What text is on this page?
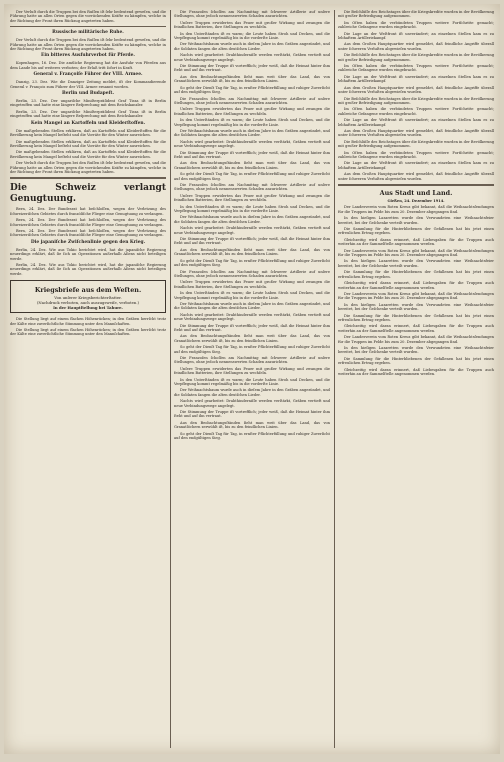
Der Verluſt durch die Truppen bei den Ruſſen iſt ſehr bedeutend geweſen, und die Führung hatte an allen Orten gegen die vorrückenden Kräfte zu kämpfen, welche in der Richtung der Front ihren Rückzug angetreten haben.

Russische militärische Ruhe.

Der Verluſt durch die Truppen bei den Ruſſen iſt ſehr bedeutend geweſen, und die Führung hatte an allen Orten gegen die vorrückenden Kräfte zu kämpfen, welche in der Richtung der Front ihren Rückzug angetreten haben.

Ein bitteres Ausfuhrverbot für Pferde.

Kopenhagen, 16. Dez. Die amtliche Regierung hat die Ausfuhr von Pferden aus dem Lande bis auf weiteres verboten; der Erlaß tritt ſofort in Kraft.

General v. Françoiſe Führer der VIII. Armee.

Danzig, 23. Dez. Wie die Danziger Zeitung meldet, iſt der Kommandierende General v. François zum Führer der VIII. Armee ernannt worden.

Berlin und Budapeſt.

Berlin, 23. Dez. Der ungariſche Miniſterpräſident Graf Tisza iſt in Berlin eingetroffen und hatte eine längere Beſprechung mit dem Reichskanzler.

Berlin, 23. Dez. Der ungariſche Miniſterpräſident Graf Tisza iſt in Berlin eingetroffen und hatte eine längere Beſprechung mit dem Reichskanzler.

Kein Mangel an Kartoffeln und Kleiderſtoffen.

Die maßgebenden Stellen erklären, daß an Kartoffeln und Kleiderſtoffen für die Bevölkerung kein Mangel beſteht und die Vorräte für den Winter ausreichen.

Die maßgebenden Stellen erklären, daß an Kartoffeln und Kleiderſtoffen für die Bevölkerung kein Mangel beſteht und die Vorräte für den Winter ausreichen.

Die maßgebenden Stellen erklären, daß an Kartoffeln und Kleiderſtoffen für die Bevölkerung kein Mangel beſteht und die Vorräte für den Winter ausreichen.

Der Verluſt durch die Truppen bei den Ruſſen iſt ſehr bedeutend geweſen, und die Führung hatte an allen Orten gegen die vorrückenden Kräfte zu kämpfen, welche in der Richtung der Front ihren Rückzug angetreten haben.

Die Schweiz verlangt Genugtuung.

Bern, 24. Dez. Der Bundesrat hat beſchloſſen, wegen der Verletzung des ſchweizeriſchen Gebietes durch franzöſiſche Flieger eine Genugtuung zu verlangen.

Bern, 24. Dez. Der Bundesrat hat beſchloſſen, wegen der Verletzung des ſchweizeriſchen Gebietes durch franzöſiſche Flieger eine Genugtuung zu verlangen.

Bern, 24. Dez. Der Bundesrat hat beſchloſſen, wegen der Verletzung des ſchweizeriſchen Gebietes durch franzöſiſche Flieger eine Genugtuung zu verlangen.

Die japaniſche Zwiſchenlinie gegen den Krieg.

Berlin, 24. Dez. Wie aus Tokio berichtet wird, hat die japaniſche Regierung neuerdings erklärt, daß ſie ſich an Operationen außerhalb Aſiens nicht beteiligen werde.

Berlin, 24. Dez. Wie aus Tokio berichtet wird, hat die japaniſche Regierung neuerdings erklärt, daß ſie ſich an Operationen außerhalb Aſiens nicht beteiligen werde.

Kriegsbriefe aus dem Weſten.
Von unſerer Kriegsberichterſtatter.
(Nachdruck verboten, auch auszugsweiſe, verboten.)
In der Hauptſtellung bei Tahure.

Die Stellung liegt auf einem flachen Höhenrücken; in den Gräben herrſcht trotz der Kälte eine zuverſichtliche Stimmung unter den Mannſchaften.

Die Stellung liegt auf einem flachen Höhenrücken; in den Gräben herrſcht trotz der Kälte eine zuverſichtliche Stimmung unter den Mannſchaften.

Die Franzoſen ſchoſſen am Nachmittag mit ſchwerer Artillerie auf unſere Stellungen, ohne jedoch nennenswerten Schaden anzurichten.

Unſere Truppen erwiderten das Feuer mit großer Wirkung und zwangen die feindlichen Batterien, ihre Stellungen zu wechſeln.

In den Unterſtänden iſt es warm; die Leute haben Stroh und Decken, und die Verpflegung kommt regelmäßig bis in die vorderſte Linie.

Der Weihnachtsbaum wurde auch in dieſem Jahre in den Gräben angezündet, und die Soldaten ſangen die alten deutſchen Lieder.

Nachts wird gearbeitet: Drahthinderniſſe werden verſtärkt, Gräben vertieft und neue Verbindungswege angelegt.

Die Stimmung der Truppe iſt vortrefflich; jeder weiß, daß die Heimat hinter ihm ſteht und auf ihn vertraut.

Aus den Beobachtungsſtänden ſieht man weit über das Land, das von Granatlöchern zerwühlt iſt, bis zu den feindlichen Linien.

So geht der Dienſt Tag für Tag, in ernſter Pflichterfüllung und ruhiger Zuverſicht auf den endgültigen Sieg.

Die Franzoſen ſchoſſen am Nachmittag mit ſchwerer Artillerie auf unſere Stellungen, ohne jedoch nennenswerten Schaden anzurichten.

Unſere Truppen erwiderten das Feuer mit großer Wirkung und zwangen die feindlichen Batterien, ihre Stellungen zu wechſeln.

In den Unterſtänden iſt es warm; die Leute haben Stroh und Decken, und die Verpflegung kommt regelmäßig bis in die vorderſte Linie.

Der Weihnachtsbaum wurde auch in dieſem Jahre in den Gräben angezündet, und die Soldaten ſangen die alten deutſchen Lieder.

Nachts wird gearbeitet: Drahthinderniſſe werden verſtärkt, Gräben vertieft und neue Verbindungswege angelegt.

Die Stimmung der Truppe iſt vortrefflich; jeder weiß, daß die Heimat hinter ihm ſteht und auf ihn vertraut.

Aus den Beobachtungsſtänden ſieht man weit über das Land, das von Granatlöchern zerwühlt iſt, bis zu den feindlichen Linien.

So geht der Dienſt Tag für Tag, in ernſter Pflichterfüllung und ruhiger Zuverſicht auf den endgültigen Sieg.

Die Franzoſen ſchoſſen am Nachmittag mit ſchwerer Artillerie auf unſere Stellungen, ohne jedoch nennenswerten Schaden anzurichten.

Unſere Truppen erwiderten das Feuer mit großer Wirkung und zwangen die feindlichen Batterien, ihre Stellungen zu wechſeln.

In den Unterſtänden iſt es warm; die Leute haben Stroh und Decken, und die Verpflegung kommt regelmäßig bis in die vorderſte Linie.

Der Weihnachtsbaum wurde auch in dieſem Jahre in den Gräben angezündet, und die Soldaten ſangen die alten deutſchen Lieder.

Nachts wird gearbeitet: Drahthinderniſſe werden verſtärkt, Gräben vertieft und neue Verbindungswege angelegt.

Die Stimmung der Truppe iſt vortrefflich; jeder weiß, daß die Heimat hinter ihm ſteht und auf ihn vertraut.

Aus den Beobachtungsſtänden ſieht man weit über das Land, das von Granatlöchern zerwühlt iſt, bis zu den feindlichen Linien.

So geht der Dienſt Tag für Tag, in ernſter Pflichterfüllung und ruhiger Zuverſicht auf den endgültigen Sieg.

Die Franzoſen ſchoſſen am Nachmittag mit ſchwerer Artillerie auf unſere Stellungen, ohne jedoch nennenswerten Schaden anzurichten.

Unſere Truppen erwiderten das Feuer mit großer Wirkung und zwangen die feindlichen Batterien, ihre Stellungen zu wechſeln.

In den Unterſtänden iſt es warm; die Leute haben Stroh und Decken, und die Verpflegung kommt regelmäßig bis in die vorderſte Linie.

Der Weihnachtsbaum wurde auch in dieſem Jahre in den Gräben angezündet, und die Soldaten ſangen die alten deutſchen Lieder.

Nachts wird gearbeitet: Drahthinderniſſe werden verſtärkt, Gräben vertieft und neue Verbindungswege angelegt.

Die Stimmung der Truppe iſt vortrefflich; jeder weiß, daß die Heimat hinter ihm ſteht und auf ihn vertraut.

Aus den Beobachtungsſtänden ſieht man weit über das Land, das von Granatlöchern zerwühlt iſt, bis zu den feindlichen Linien.

So geht der Dienſt Tag für Tag, in ernſter Pflichterfüllung und ruhiger Zuverſicht auf den endgültigen Sieg.

Die Franzoſen ſchoſſen am Nachmittag mit ſchwerer Artillerie auf unſere Stellungen, ohne jedoch nennenswerten Schaden anzurichten.

Unſere Truppen erwiderten das Feuer mit großer Wirkung und zwangen die feindlichen Batterien, ihre Stellungen zu wechſeln.

In den Unterſtänden iſt es warm; die Leute haben Stroh und Decken, und die Verpflegung kommt regelmäßig bis in die vorderſte Linie.

Der Weihnachtsbaum wurde auch in dieſem Jahre in den Gräben angezündet, und die Soldaten ſangen die alten deutſchen Lieder.

Nachts wird gearbeitet: Drahthinderniſſe werden verſtärkt, Gräben vertieft und neue Verbindungswege angelegt.

Die Stimmung der Truppe iſt vortrefflich; jeder weiß, daß die Heimat hinter ihm ſteht und auf ihn vertraut.

Aus den Beobachtungsſtänden ſieht man weit über das Land, das von Granatlöchern zerwühlt iſt, bis zu den feindlichen Linien.

So geht der Dienſt Tag für Tag, in ernſter Pflichterfüllung und ruhiger Zuverſicht auf den endgültigen Sieg.

Die Beſchlüſſe des Reichstages über die Kriegskredite wurden in der Bevölkerung mit großer Befriedigung aufgenommen.

Im Oſten haben die verbündeten Truppen weitere Fortſchritte gemacht; zahlreiche Gefangene wurden eingebracht.

Die Lage an der Weſtfront iſt unverändert; an einzelnen Stellen kam es zu lebhaftem Artilleriekampf.

Aus dem Großen Hauptquartier wird gemeldet, daß feindliche Angriffe überall unter ſchweren Verluſten abgewieſen wurden.

Die Beſchlüſſe des Reichstages über die Kriegskredite wurden in der Bevölkerung mit großer Befriedigung aufgenommen.

Im Oſten haben die verbündeten Truppen weitere Fortſchritte gemacht; zahlreiche Gefangene wurden eingebracht.

Die Lage an der Weſtfront iſt unverändert; an einzelnen Stellen kam es zu lebhaftem Artilleriekampf.

Aus dem Großen Hauptquartier wird gemeldet, daß feindliche Angriffe überall unter ſchweren Verluſten abgewieſen wurden.

Die Beſchlüſſe des Reichstages über die Kriegskredite wurden in der Bevölkerung mit großer Befriedigung aufgenommen.

Im Oſten haben die verbündeten Truppen weitere Fortſchritte gemacht; zahlreiche Gefangene wurden eingebracht.

Die Lage an der Weſtfront iſt unverändert; an einzelnen Stellen kam es zu lebhaftem Artilleriekampf.

Aus dem Großen Hauptquartier wird gemeldet, daß feindliche Angriffe überall unter ſchweren Verluſten abgewieſen wurden.

Die Beſchlüſſe des Reichstages über die Kriegskredite wurden in der Bevölkerung mit großer Befriedigung aufgenommen.

Im Oſten haben die verbündeten Truppen weitere Fortſchritte gemacht; zahlreiche Gefangene wurden eingebracht.

Die Lage an der Weſtfront iſt unverändert; an einzelnen Stellen kam es zu lebhaftem Artilleriekampf.

Aus dem Großen Hauptquartier wird gemeldet, daß feindliche Angriffe überall unter ſchweren Verluſten abgewieſen wurden.

Aus Stadt und Land.
Gießen, 24. Dezember 1914.

Der Landesverein vom Roten Kreuz gibt bekannt, daß die Weihnachtsſendungen für die Truppen im Felde bis zum 20. Dezember abgegangen ſind.

In den hieſigen Lazaretten wurde den Verwundeten eine Weihnachtsfeier bereitet, bei der Geſchenke verteilt wurden.

Die Sammlung für die Hinterbliebenen der Gefallenen hat bis jetzt einen erfreulichen Ertrag ergeben.

Gleichzeitig wird daran erinnert, daß Liebesgaben für die Truppen auch weiterhin an der Sammelſtelle angenommen werden.

Der Landesverein vom Roten Kreuz gibt bekannt, daß die Weihnachtsſendungen für die Truppen im Felde bis zum 20. Dezember abgegangen ſind.

In den hieſigen Lazaretten wurde den Verwundeten eine Weihnachtsfeier bereitet, bei der Geſchenke verteilt wurden.

Die Sammlung für die Hinterbliebenen der Gefallenen hat bis jetzt einen erfreulichen Ertrag ergeben.

Gleichzeitig wird daran erinnert, daß Liebesgaben für die Truppen auch weiterhin an der Sammelſtelle angenommen werden.

Der Landesverein vom Roten Kreuz gibt bekannt, daß die Weihnachtsſendungen für die Truppen im Felde bis zum 20. Dezember abgegangen ſind.

In den hieſigen Lazaretten wurde den Verwundeten eine Weihnachtsfeier bereitet, bei der Geſchenke verteilt wurden.

Die Sammlung für die Hinterbliebenen der Gefallenen hat bis jetzt einen erfreulichen Ertrag ergeben.

Gleichzeitig wird daran erinnert, daß Liebesgaben für die Truppen auch weiterhin an der Sammelſtelle angenommen werden.

Der Landesverein vom Roten Kreuz gibt bekannt, daß die Weihnachtsſendungen für die Truppen im Felde bis zum 20. Dezember abgegangen ſind.

In den hieſigen Lazaretten wurde den Verwundeten eine Weihnachtsfeier bereitet, bei der Geſchenke verteilt wurden.

Die Sammlung für die Hinterbliebenen der Gefallenen hat bis jetzt einen erfreulichen Ertrag ergeben.

Gleichzeitig wird daran erinnert, daß Liebesgaben für die Truppen auch weiterhin an der Sammelſtelle angenommen werden.
